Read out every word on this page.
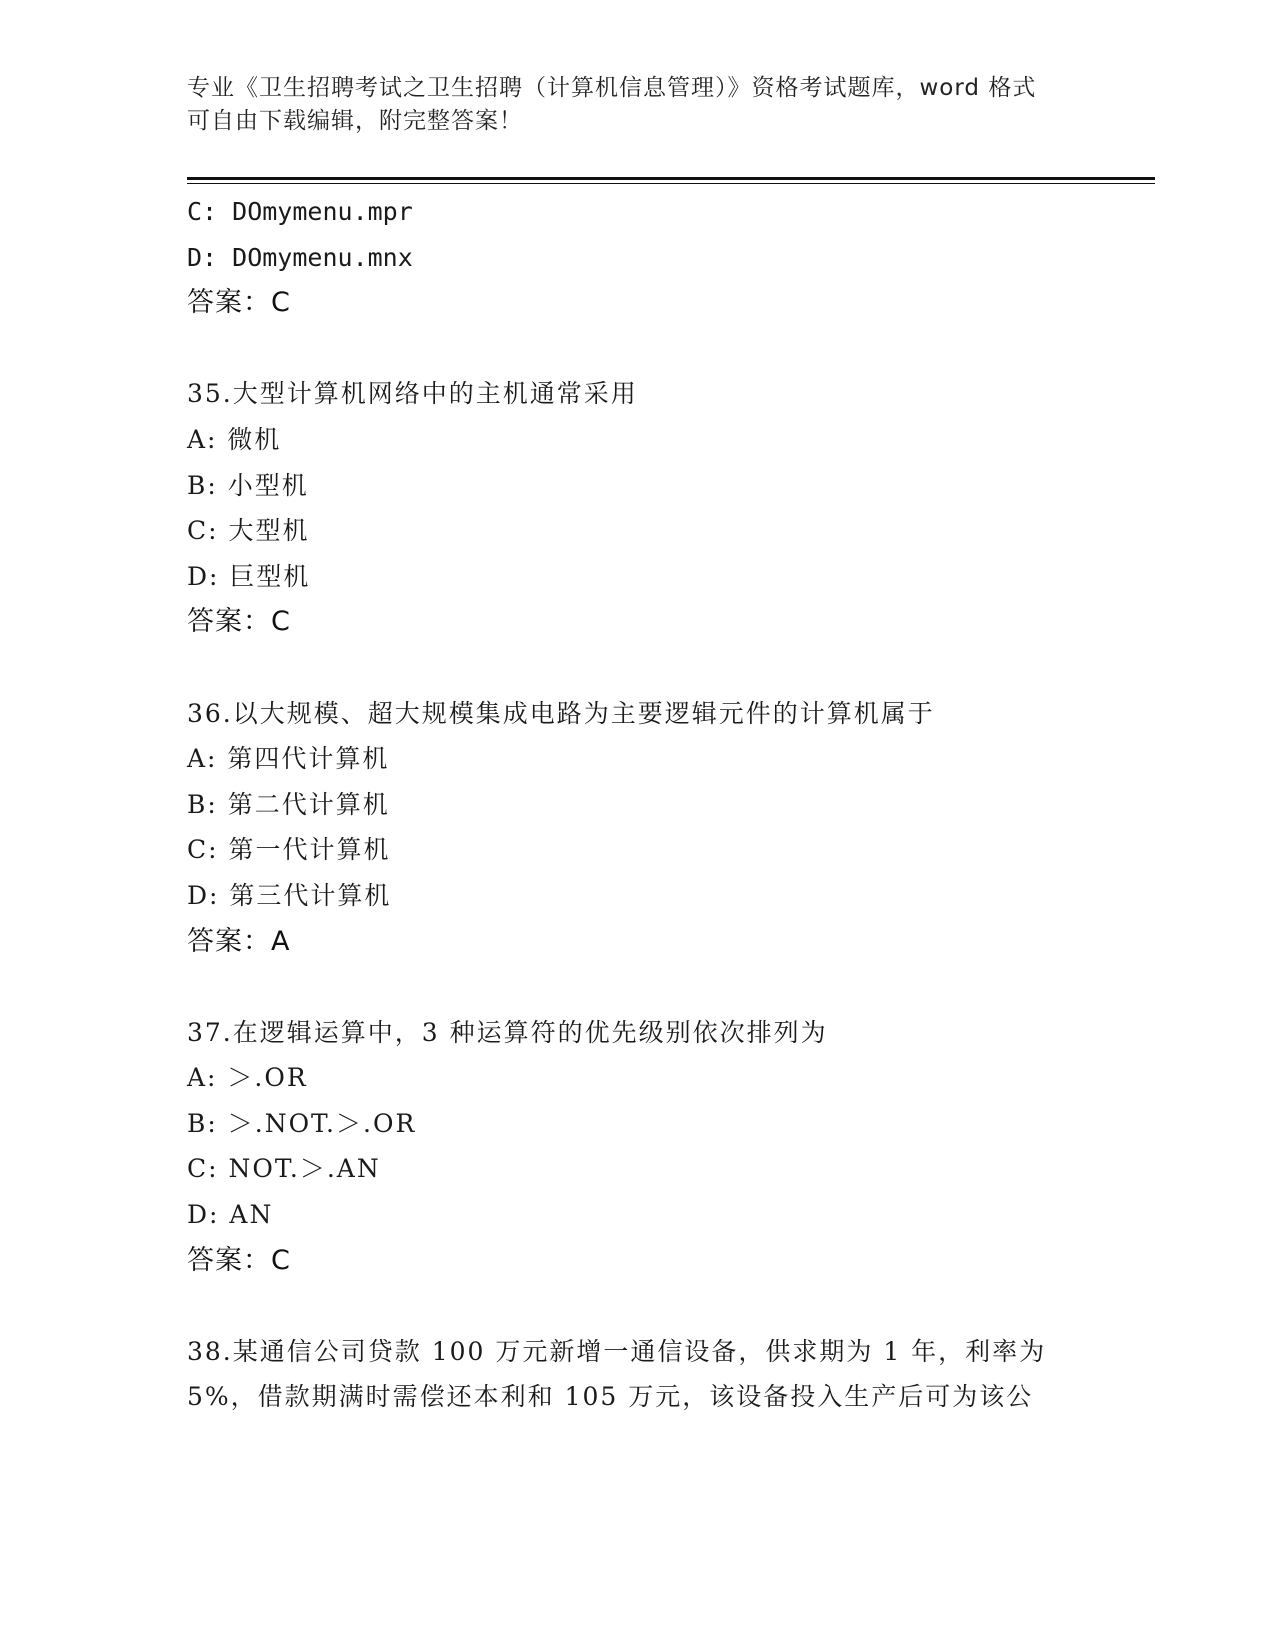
专业《卫生招聘考试之卫生招聘（计算机信息管理）》资格考试题库，word 格式
可自由下载编辑，附完整答案！
C: DOmymenu.mpr
D: DOmymenu.mnx
答案：C
35.大型计算机网络中的主机通常采用
A: 微机
B: 小型机
C: 大型机
D: 巨型机
答案：C
36.以大规模、超大规模集成电路为主要逻辑元件的计算机属于
A: 第四代计算机
B: 第二代计算机
C: 第一代计算机
D: 第三代计算机
答案：A
37.在逻辑运算中，3 种运算符的优先级别依次排列为
A: ＞.OR
B: ＞.NOT.＞.OR
C: NOT.＞.AN
D: AN
答案：C
38.某通信公司贷款 100 万元新增一通信设备，供求期为 1 年，利率为
5%，借款期满时需偿还本利和 105 万元，该设备投入生产后可为该公
